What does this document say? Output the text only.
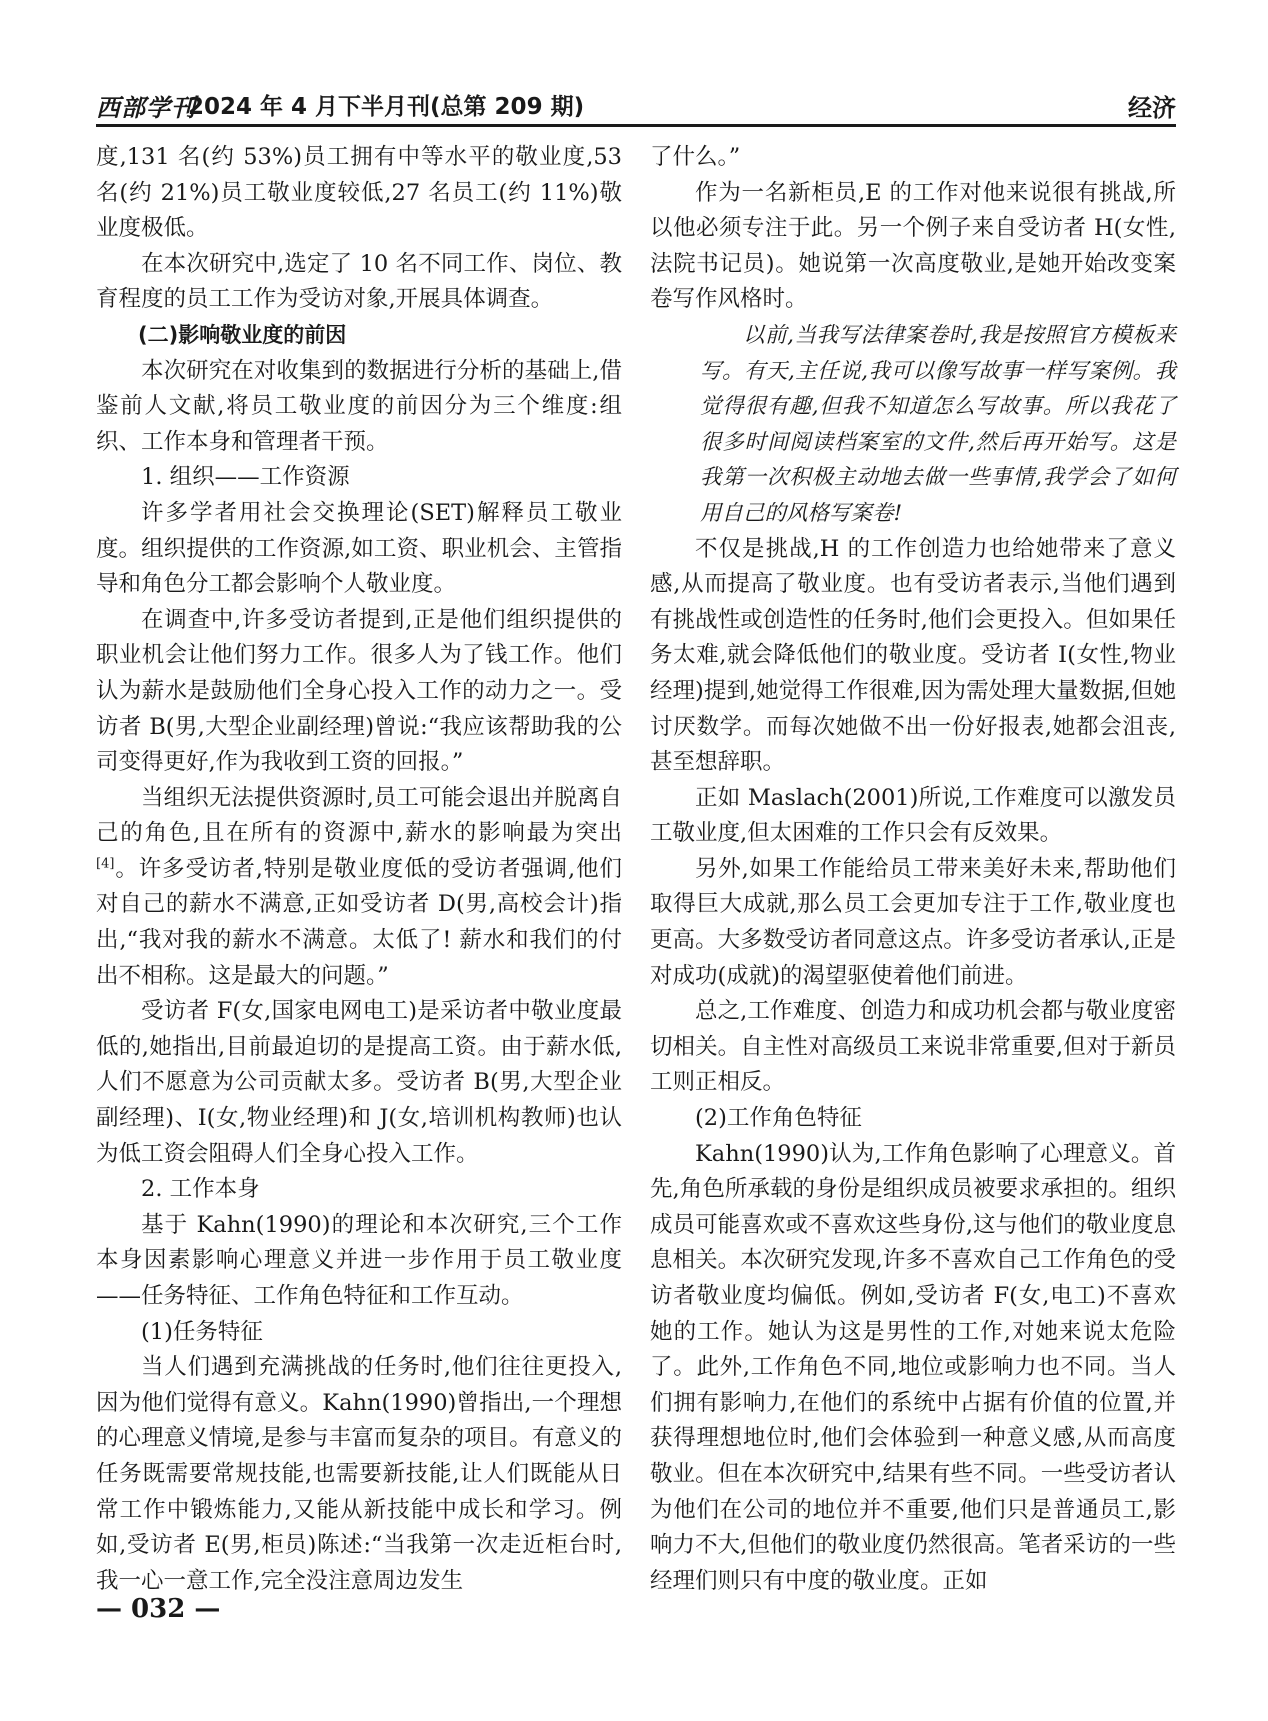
西部学刊
2024 年 4 月下半月刊(总第 209 期)	经济

度,131 名(约 53%)员工拥有中等水平的敬业度,53 名(约 21%)员工敬业度较低,27 名员工(约 11%)敬业度极低。

在本次研究中,选定了 10 名不同工作、岗位、教育程度的员工工作为受访对象,开展具体调查。

(二)影响敬业度的前因

本次研究在对收集到的数据进行分析的基础上,借鉴前人文献,将员工敬业度的前因分为三个维度:组织、工作本身和管理者干预。

1. 组织——工作资源

许多学者用社会交换理论(SET)解释员工敬业度。组织提供的工作资源,如工资、职业机会、主管指导和角色分工都会影响个人敬业度。

在调查中,许多受访者提到,正是他们组织提供的职业机会让他们努力工作。很多人为了钱工作。他们认为薪水是鼓励他们全身心投入工作的动力之一。受访者 B(男,大型企业副经理)曾说:“我应该帮助我的公司变得更好,作为我收到工资的回报。”

当组织无法提供资源时,员工可能会退出并脱离自己的角色,且在所有的资源中,薪水的影响最为突出[4]。许多受访者,特别是敬业度低的受访者强调,他们对自己的薪水不满意,正如受访者 D(男,高校会计)指出,“我对我的薪水不满意。太低了! 薪水和我们的付出不相称。这是最大的问题。”

受访者 F(女,国家电网电工)是采访者中敬业度最低的,她指出,目前最迫切的是提高工资。由于薪水低,人们不愿意为公司贡献太多。受访者 B(男,大型企业副经理)、I(女,物业经理)和 J(女,培训机构教师)也认为低工资会阻碍人们全身心投入工作。

2. 工作本身

基于 Kahn(1990)的理论和本次研究,三个工作本身因素影响心理意义并进一步作用于员工敬业度——任务特征、工作角色特征和工作互动。

(1)任务特征

当人们遇到充满挑战的任务时,他们往往更投入,因为他们觉得有意义。Kahn(1990)曾指出,一个理想的心理意义情境,是参与丰富而复杂的项目。有意义的任务既需要常规技能,也需要新技能,让人们既能从日常工作中锻炼能力,又能从新技能中成长和学习。例如,受访者 E(男,柜员)陈述:“当我第一次走近柜台时,我一心一意工作,完全没注意周边发生

了什么。”

作为一名新柜员,E 的工作对他来说很有挑战,所以他必须专注于此。另一个例子来自受访者 H(女性,法院书记员)。她说第一次高度敬业,是她开始改变案卷写作风格时。

以前,当我写法律案卷时,我是按照官方模板来写。有天,主任说,我可以像写故事一样写案例。我觉得很有趣,但我不知道怎么写故事。所以我花了很多时间阅读档案室的文件,然后再开始写。这是我第一次积极主动地去做一些事情,我学会了如何用自己的风格写案卷!

不仅是挑战,H 的工作创造力也给她带来了意义感,从而提高了敬业度。也有受访者表示,当他们遇到有挑战性或创造性的任务时,他们会更投入。但如果任务太难,就会降低他们的敬业度。受访者 I(女性,物业经理)提到,她觉得工作很难,因为需处理大量数据,但她讨厌数学。而每次她做不出一份好报表,她都会沮丧,甚至想辞职。

正如 Maslach(2001)所说,工作难度可以激发员工敬业度,但太困难的工作只会有反效果。

另外,如果工作能给员工带来美好未来,帮助他们取得巨大成就,那么员工会更加专注于工作,敬业度也更高。大多数受访者同意这点。许多受访者承认,正是对成功(成就)的渴望驱使着他们前进。

总之,工作难度、创造力和成功机会都与敬业度密切相关。自主性对高级员工来说非常重要,但对于新员工则正相反。

(2)工作角色特征

Kahn(1990)认为,工作角色影响了心理意义。首先,角色所承载的身份是组织成员被要求承担的。组织成员可能喜欢或不喜欢这些身份,这与他们的敬业度息息相关。本次研究发现,许多不喜欢自己工作角色的受访者敬业度均偏低。例如,受访者 F(女,电工)不喜欢她的工作。她认为这是男性的工作,对她来说太危险了。此外,工作角色不同,地位或影响力也不同。当人们拥有影响力,在他们的系统中占据有价值的位置,并获得理想地位时,他们会体验到一种意义感,从而高度敬业。但在本次研究中,结果有些不同。一些受访者认为他们在公司的地位并不重要,他们只是普通员工,影响力不大,但他们的敬业度仍然很高。笔者采访的一些经理们则只有中度的敬业度。正如

— 032 —
